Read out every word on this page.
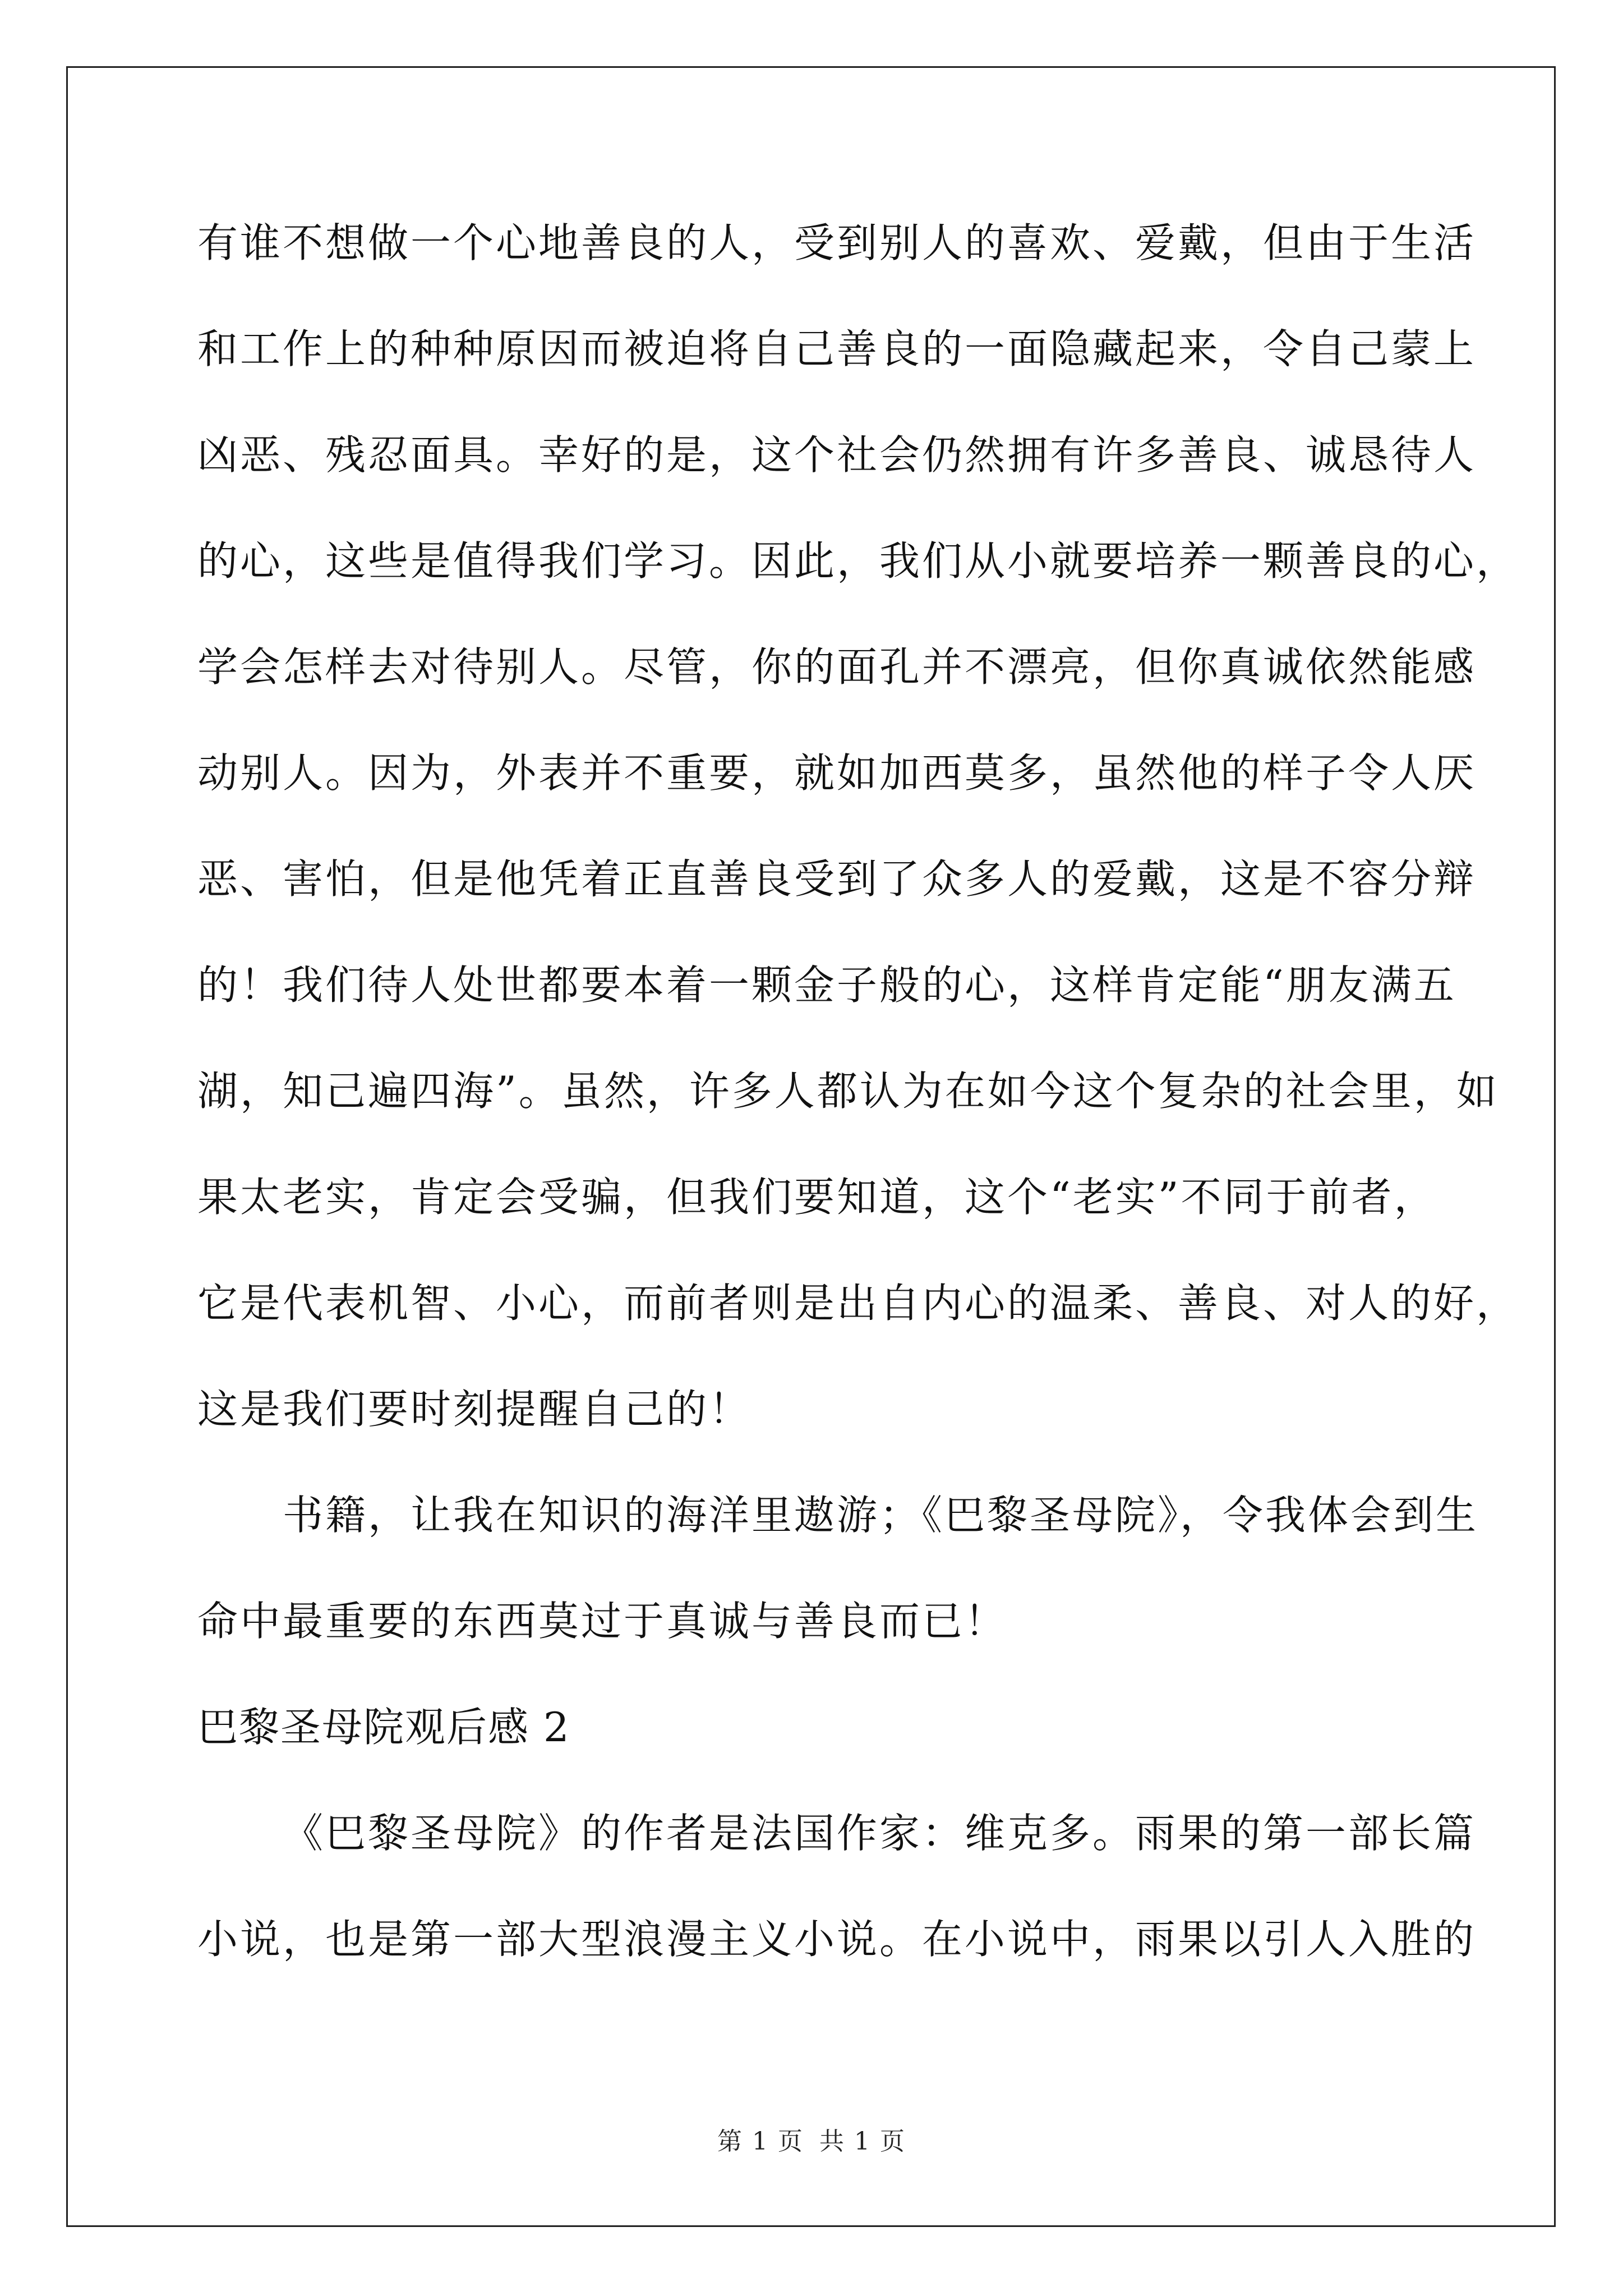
有谁不想做一个心地善良的人，受到别人的喜欢、爱戴，但由于生活
和工作上的种种原因而被迫将自己善良的一面隐藏起来，令自己蒙上
凶恶、残忍面具。幸好的是，这个社会仍然拥有许多善良、诚恳待人
的心，这些是值得我们学习。因此，我们从小就要培养一颗善良的心，
学会怎样去对待别人。尽管，你的面孔并不漂亮，但你真诚依然能感
动别人。因为，外表并不重要，就如加西莫多，虽然他的样子令人厌
恶、害怕，但是他凭着正直善良受到了众多人的爱戴，这是不容分辩
的！我们待人处世都要本着一颗金子般的心，这样肯定能“朋友满五
湖，知己遍四海”。虽然，许多人都认为在如今这个复杂的社会里，如
果太老实，肯定会受骗，但我们要知道，这个“老实”不同于前者，
它是代表机智、小心，而前者则是出自内心的温柔、善良、对人的好，
这是我们要时刻提醒自己的！
书籍，让我在知识的海洋里遨游；《巴黎圣母院》，令我体会到生
命中最重要的东西莫过于真诚与善良而已！
巴黎圣母院观后感 2
《巴黎圣母院》的作者是法国作家：维克多。雨果的第一部长篇
小说，也是第一部大型浪漫主义小说。在小说中，雨果以引人入胜的
第 1 页 共 1 页
